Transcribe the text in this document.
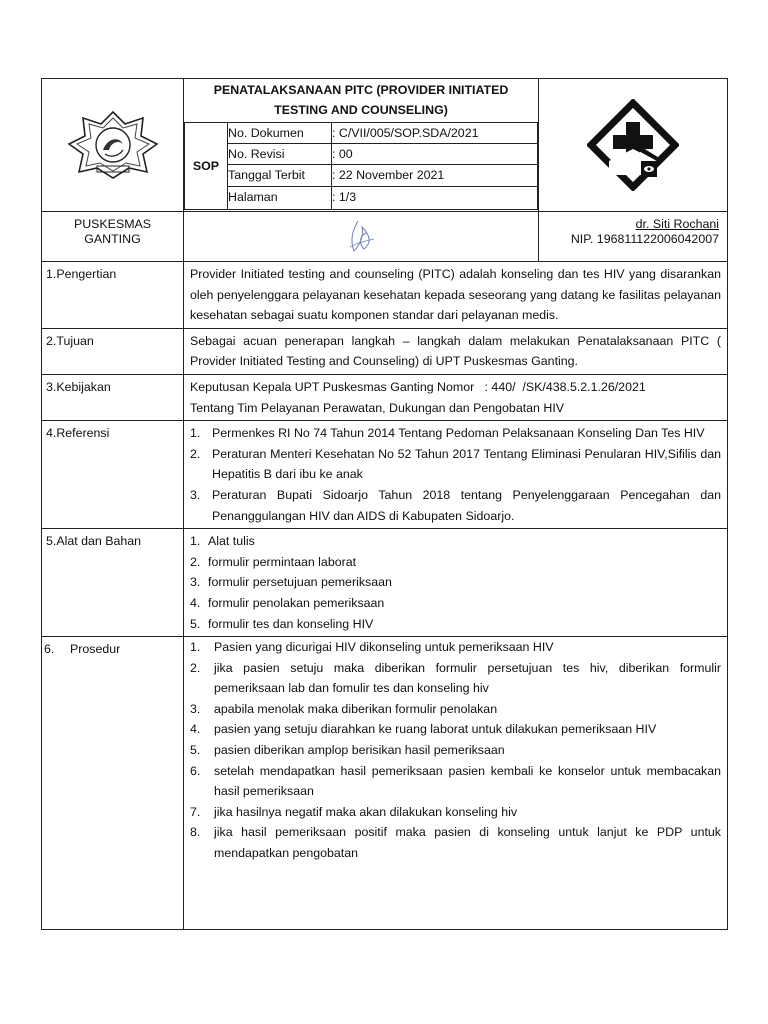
PENATALAKSANAAN PITC (PROVIDER INITIATED TESTING AND COUNSELING)
SOP	No. Dokumen	: C/VII/005/SOP.SDA/2021
No. Revisi	: 00
Tanggal Terbit	: 22 November 2021
Halaman	: 1/3

PUSKESMAS
GANTING

dr. Siti Rochani
NIP. 196811122006042007

1.Pengertian	Provider Initiated testing and counseling (PITC) adalah konseling dan tes HIV yang disarankan oleh penyelenggara pelayanan kesehatan kepada seseorang yang datang ke fasilitas pelayanan kesehatan sebagai suatu komponen standar dari pelayanan medis.
2.Tujuan	Sebagai acuan penerapan langkah – langkah dalam melakukan Penatalaksanaan PITC ( Provider Initiated Testing and Counseling) di UPT Puskesmas Ganting.
3.Kebijakan	Keputusan Kepala UPT Puskesmas Ganting Nomor   : 440/  /SK/438.5.2.1.26/2021
Tentang Tim Pelayanan Perawatan, Dukungan dan Pengobatan HIV

4.Referensi	1. Permenkes RI No 74 Tahun 2014 Tentang Pedoman Pelaksanaan Konseling Dan Tes HIV
2. Peraturan Menteri Kesehatan No 52 Tahun 2017 Tentang Eliminasi Penularan HIV,Sifilis dan Hepatitis B dari ibu ke anak
3. Peraturan Bupati Sidoarjo Tahun 2018 tentang Penyelenggaraan Pencegahan dan Penanggulangan HIV dan AIDS di Kabupaten Sidoarjo.

5.Alat dan Bahan	1. Alat tulis
2. formulir permintaan laborat
3. formulir persetujuan pemeriksaan
4. formulir penolakan pemeriksaan
5. formulir tes dan konseling HIV

6. Prosedur	1. Pasien yang dicurigai HIV dikonseling untuk pemeriksaan HIV
2. jika pasien setuju maka diberikan formulir persetujuan tes hiv, diberikan formulir pemeriksaan lab dan fomulir tes dan konseling hiv
3. apabila menolak maka diberikan formulir penolakan
4. pasien yang setuju diarahkan ke ruang laborat untuk dilakukan pemeriksaan HIV
5. pasien diberikan amplop berisikan hasil pemeriksaan
6. setelah mendapatkan hasil pemeriksaan pasien kembali ke konselor untuk membacakan hasil pemeriksaan
7. jika hasilnya negatif maka akan dilakukan konseling hiv
8. jika hasil pemeriksaan positif maka pasien di konseling untuk lanjut ke PDP untuk mendapatkan pengobatan
